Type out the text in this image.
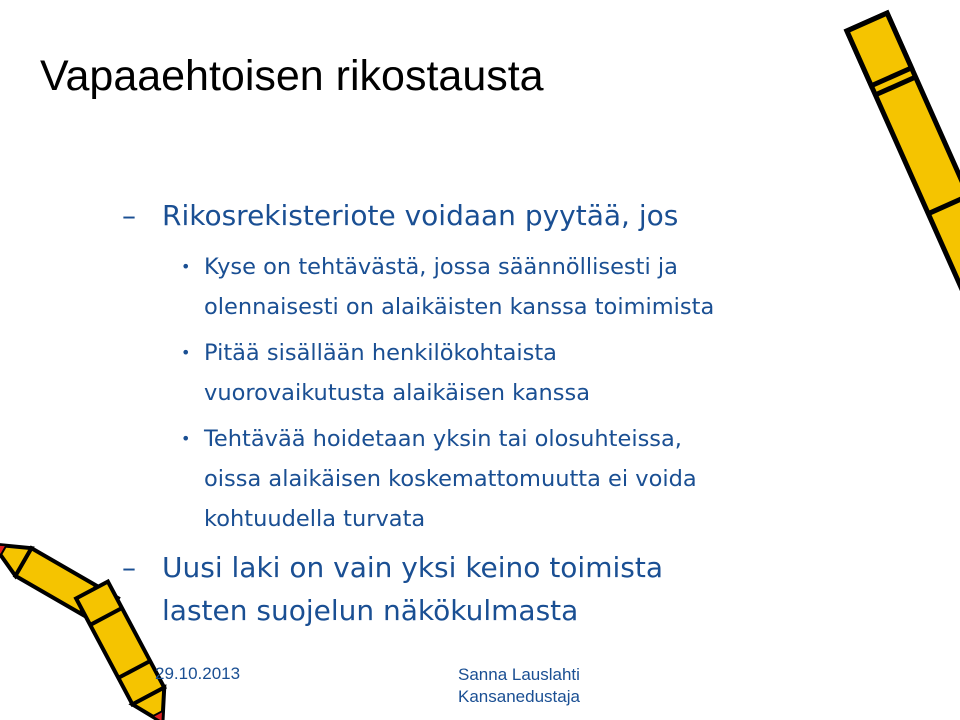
Vapaaehtoisen rikostausta
– Rikosrekisteriote voidaan pyytää, jos

• Kyse on tehtävästä, jossa säännöllisesti ja

olennaisesti on alaikäisten kanssa toimimista

• Pitää sisällään henkilökohtaista

vuorovaikutusta alaikäisen kanssa

• Tehtävää hoidetaan yksin tai olosuhteissa,

oissa alaikäisen koskemattomuutta ei voida

kohtuudella turvata

– Uusi laki on vain yksi keino toimista

lasten suojelun näkökulmasta

29.10.2013	Sanna Lauslahti
Kansanedustaja
